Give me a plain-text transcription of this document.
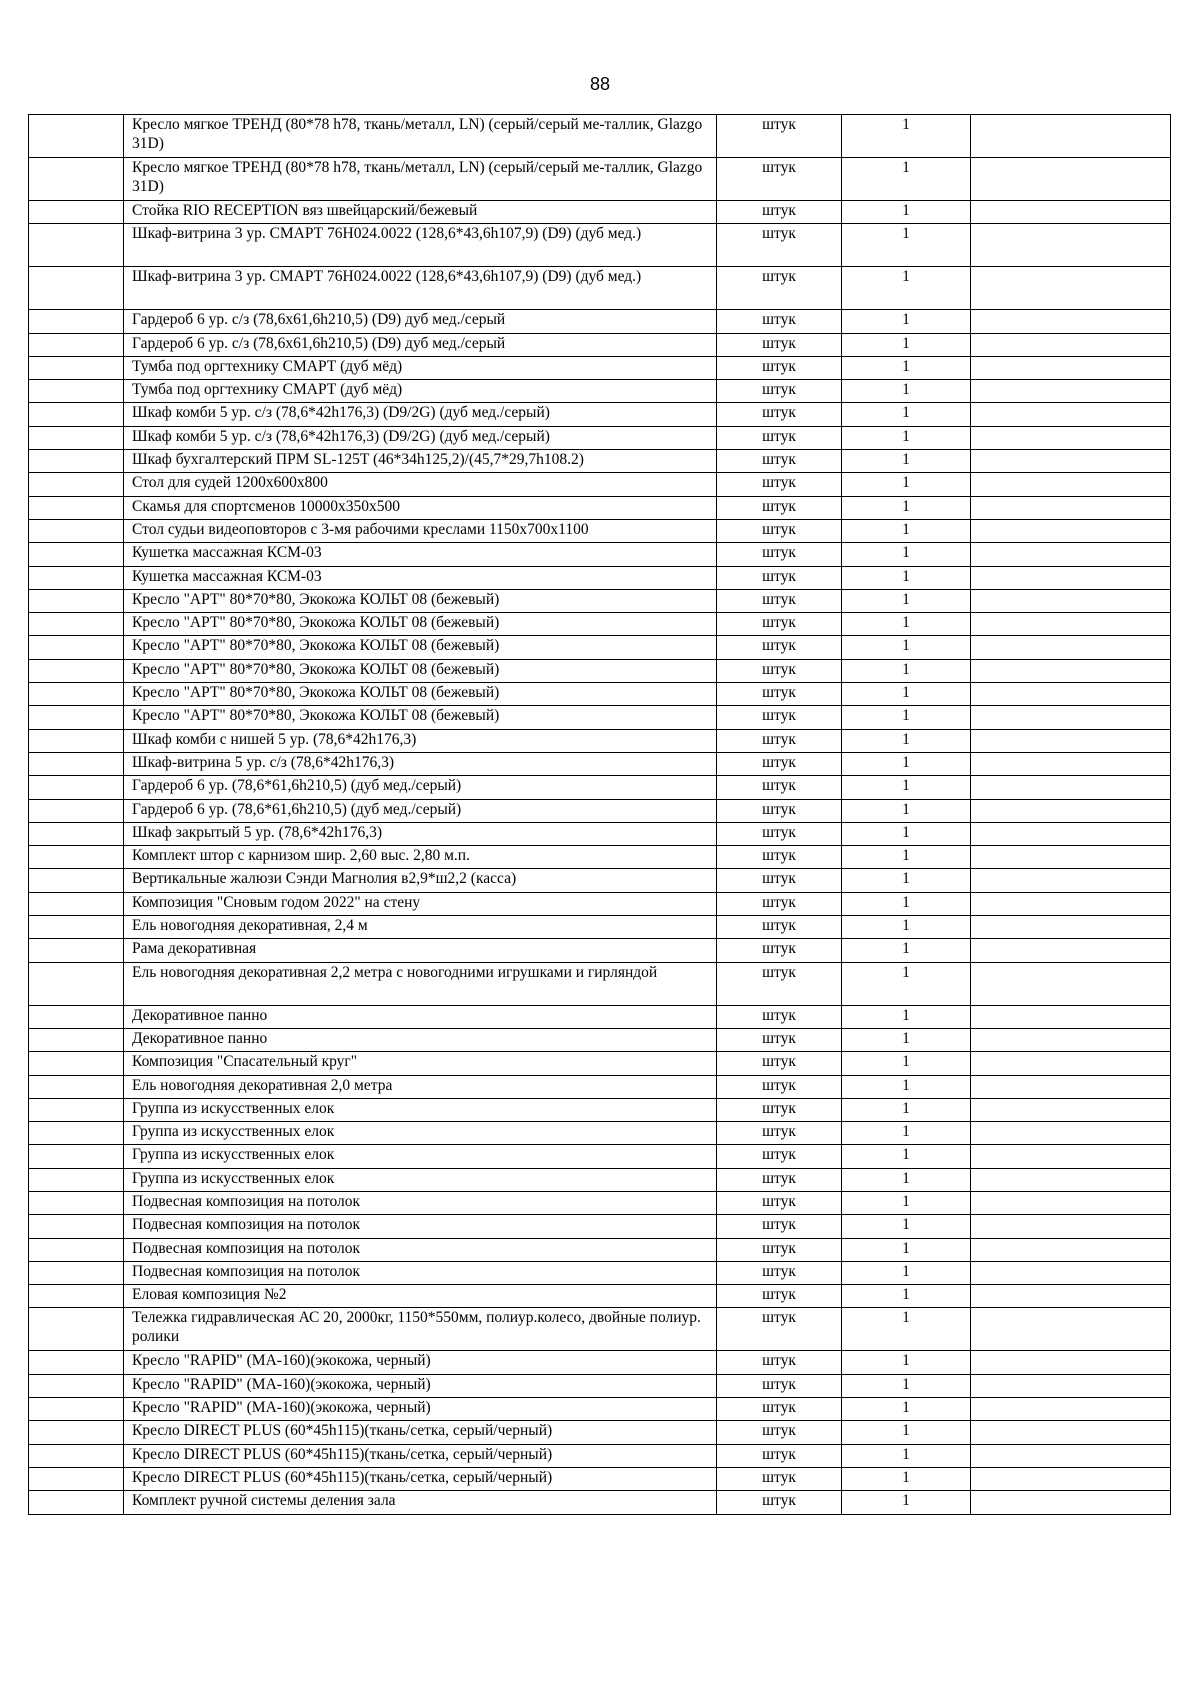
88
	Кресло мягкое ТРЕНД (80*78 h78, ткань/металл, LN) (серый/серый ме-таллик, Glazgo 31D)	штук	1	
	Кресло мягкое ТРЕНД (80*78 h78, ткань/металл, LN) (серый/серый ме-таллик, Glazgo 31D)	штук	1	
	Стойка RIO RECEPTION вяз швейцарский/бежевый	штук	1	
	Шкаф-витрина 3 ур. СМАРТ 76Н024.0022 (128,6*43,6h107,9) (D9) (дуб мед.)	штук	1	
	Шкаф-витрина 3 ур. СМАРТ 76Н024.0022 (128,6*43,6h107,9) (D9) (дуб мед.)	штук	1	
	Гардероб 6 ур. с/з (78,6х61,6h210,5) (D9) дуб мед./серый	штук	1	
	Гардероб 6 ур. с/з (78,6х61,6h210,5) (D9) дуб мед./серый	штук	1	
	Тумба под оргтехнику СМАРТ (дуб мёд)	штук	1	
	Тумба под оргтехнику СМАРТ (дуб мёд)	штук	1	
	Шкаф комби 5 ур. с/з (78,6*42h176,3) (D9/2G) (дуб мед./серый)	штук	1	
	Шкаф комби 5 ур. с/з (78,6*42h176,3) (D9/2G) (дуб мед./серый)	штук	1	
	Шкаф бухгалтерский ПРМ SL-125T (46*34h125,2)/(45,7*29,7h108.2)	штук	1	
	Стол для судей 1200х600х800	штук	1	
	Скамья для спортсменов 10000х350х500	штук	1	
	Стол судьи видеоповторов с 3-мя рабочими креслами 1150х700х1100	штук	1	
	Кушетка массажная КСМ-03	штук	1	
	Кушетка массажная КСМ-03	штук	1	
	Кресло "АРТ" 80*70*80, Экокожа КОЛЬТ 08 (бежевый)	штук	1	
	Кресло "АРТ" 80*70*80, Экокожа КОЛЬТ 08 (бежевый)	штук	1	
	Кресло "АРТ" 80*70*80, Экокожа КОЛЬТ 08 (бежевый)	штук	1	
	Кресло "АРТ" 80*70*80, Экокожа КОЛЬТ 08 (бежевый)	штук	1	
	Кресло "АРТ" 80*70*80, Экокожа КОЛЬТ 08 (бежевый)	штук	1	
	Кресло "АРТ" 80*70*80, Экокожа КОЛЬТ 08 (бежевый)	штук	1	
	Шкаф комби с нишей 5 ур. (78,6*42h176,3)	штук	1	
	Шкаф-витрина 5 ур. с/з (78,6*42h176,3)	штук	1	
	Гардероб 6 ур. (78,6*61,6h210,5) (дуб мед./серый)	штук	1	
	Гардероб 6 ур. (78,6*61,6h210,5) (дуб мед./серый)	штук	1	
	Шкаф закрытый 5 ур. (78,6*42h176,3)	штук	1	
	Комплект штор с карнизом шир. 2,60 выс. 2,80 м.п.	штук	1	
	Вертикальные жалюзи Сэнди Магнолия в2,9*ш2,2 (касса)	штук	1	
	Композиция "Сновым годом 2022" на стену	штук	1	
	Ель новогодняя декоративная, 2,4 м	штук	1	
	Рама декоративная	штук	1	
	Ель новогодняя декоративная 2,2 метра с новогодними игрушками и гирляндой	штук	1	
	Декоративное панно	штук	1	
	Декоративное панно	штук	1	
	Композиция "Спасательный круг"	штук	1	
	Ель новогодняя декоративная 2,0 метра	штук	1	
	Группа из искусственных елок	штук	1	
	Группа из искусственных елок	штук	1	
	Группа из искусственных елок	штук	1	
	Группа из искусственных елок	штук	1	
	Подвесная композиция на потолок	штук	1	
	Подвесная композиция на потолок	штук	1	
	Подвесная композиция на потолок	штук	1	
	Подвесная композиция на потолок	штук	1	
	Еловая композиция №2	штук	1	
	Тележка гидравлическая АС 20, 2000кг, 1150*550мм, полиур.колесо, двойные полиур. ролики	штук	1	
	Кресло "RAPID" (МА-160)(экокожа, черный)	штук	1	
	Кресло "RAPID" (МА-160)(экокожа, черный)	штук	1	
	Кресло "RAPID" (МА-160)(экокожа, черный)	штук	1	
	Кресло DIRECT PLUS (60*45h115)(ткань/сетка, серый/черный)	штук	1	
	Кресло DIRECT PLUS (60*45h115)(ткань/сетка, серый/черный)	штук	1	
	Кресло DIRECT PLUS (60*45h115)(ткань/сетка, серый/черный)	штук	1	
	Комплект ручной системы деления зала	штук	1	
